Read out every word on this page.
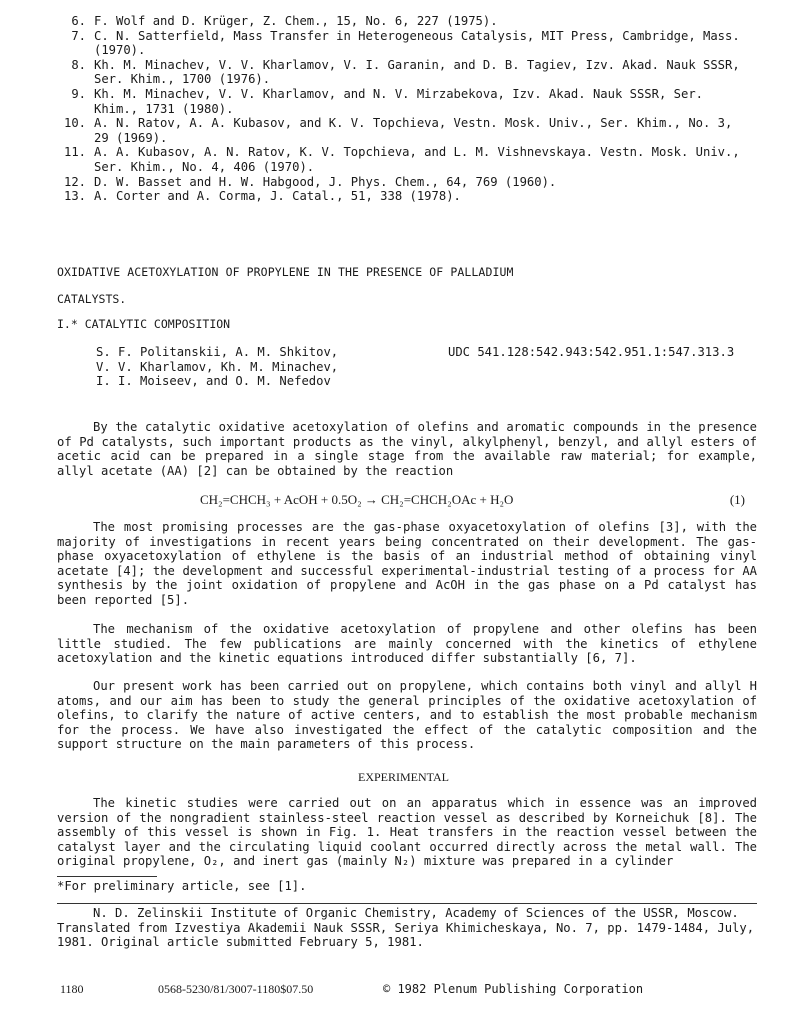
6. F. Wolf and D. Krüger, Z. Chem., 15, No. 6, 227 (1975).
7. C. N. Satterfield, Mass Transfer in Heterogeneous Catalysis, MIT Press, Cambridge, Mass.
(1970).
8. Kh. M. Minachev, V. V. Kharlamov, V. I. Garanin, and D. B. Tagiev, Izv. Akad. Nauk SSSR,
Ser. Khim., 1700 (1976).
9. Kh. M. Minachev, V. V. Kharlamov, and N. V. Mirzabekova, Izv. Akad. Nauk SSSR, Ser.
Khim., 1731 (1980).
10. A. N. Ratov, A. A. Kubasov, and K. V. Topchieva, Vestn. Mosk. Univ., Ser. Khim., No. 3,
29 (1969).
11. A. A. Kubasov, A. N. Ratov, K. V. Topchieva, and L. M. Vishnevskaya. Vestn. Mosk. Univ.,
Ser. Khim., No. 4, 406 (1970).
12. D. W. Basset and H. W. Habgood, J. Phys. Chem., 64, 769 (1960).
13. A. Corter and A. Corma, J. Catal., 51, 338 (1978).
OXIDATIVE ACETOXYLATION OF PROPYLENE IN THE PRESENCE OF PALLADIUM
CATALYSTS.
I.* CATALYTIC COMPOSITION
S. F. Politanskii, A. M. Shkitov,
V. V. Kharlamov, Kh. M. Minachev,
I. I. Moiseev, and O. M. Nefedov
UDC 541.128:542.943:542.951.1:547.313.3
By the catalytic oxidative acetoxylation of olefins and aromatic compounds in the presence of Pd catalysts, such important products as the vinyl, alkylphenyl, benzyl, and allyl esters of acetic acid can be prepared in a single stage from the available raw material; for example, allyl acetate (AA) [2] can be obtained by the reaction
CH₂=CHCH₃ + AcOH + 0.5O₂ → CH₂=CHCH₂OAc + H₂O	(1)
The most promising processes are the gas-phase oxyacetoxylation of olefins [3], with the majority of investigations in recent years being concentrated on their development. The gas-phase oxyacetoxylation of ethylene is the basis of an industrial method of obtaining vinyl acetate [4]; the development and successful experimental-industrial testing of a process for AA synthesis by the joint oxidation of propylene and AcOH in the gas phase on a Pd catalyst has been reported [5].
The mechanism of the oxidative acetoxylation of propylene and other olefins has been little studied. The few publications are mainly concerned with the kinetics of ethylene acetoxylation and the kinetic equations introduced differ substantially [6, 7].
Our present work has been carried out on propylene, which contains both vinyl and allyl H atoms, and our aim has been to study the general principles of the oxidative acetoxylation of olefins, to clarify the nature of active centers, and to establish the most probable mechanism for the process. We have also investigated the effect of the catalytic composition and the support structure on the main parameters of this process.
EXPERIMENTAL
The kinetic studies were carried out on an apparatus which in essence was an improved version of the nongradient stainless-steel reaction vessel as described by Korneichuk [8]. The assembly of this vessel is shown in Fig. 1. Heat transfers in the reaction vessel between the catalyst layer and the circulating liquid coolant occurred directly across the metal wall. The original propylene, O₂, and inert gas (mainly N₂) mixture was prepared in a cylinder
*For preliminary article, see [1].
N. D. Zelinskii Institute of Organic Chemistry, Academy of Sciences of the USSR, Moscow. Translated from Izvestiya Akademii Nauk SSSR, Seriya Khimicheskaya, No. 7, pp. 1479-1484, July, 1981. Original article submitted February 5, 1981.
1180	0568-5230/81/3007-1180$07.50	© 1982 Plenum Publishing Corporation
